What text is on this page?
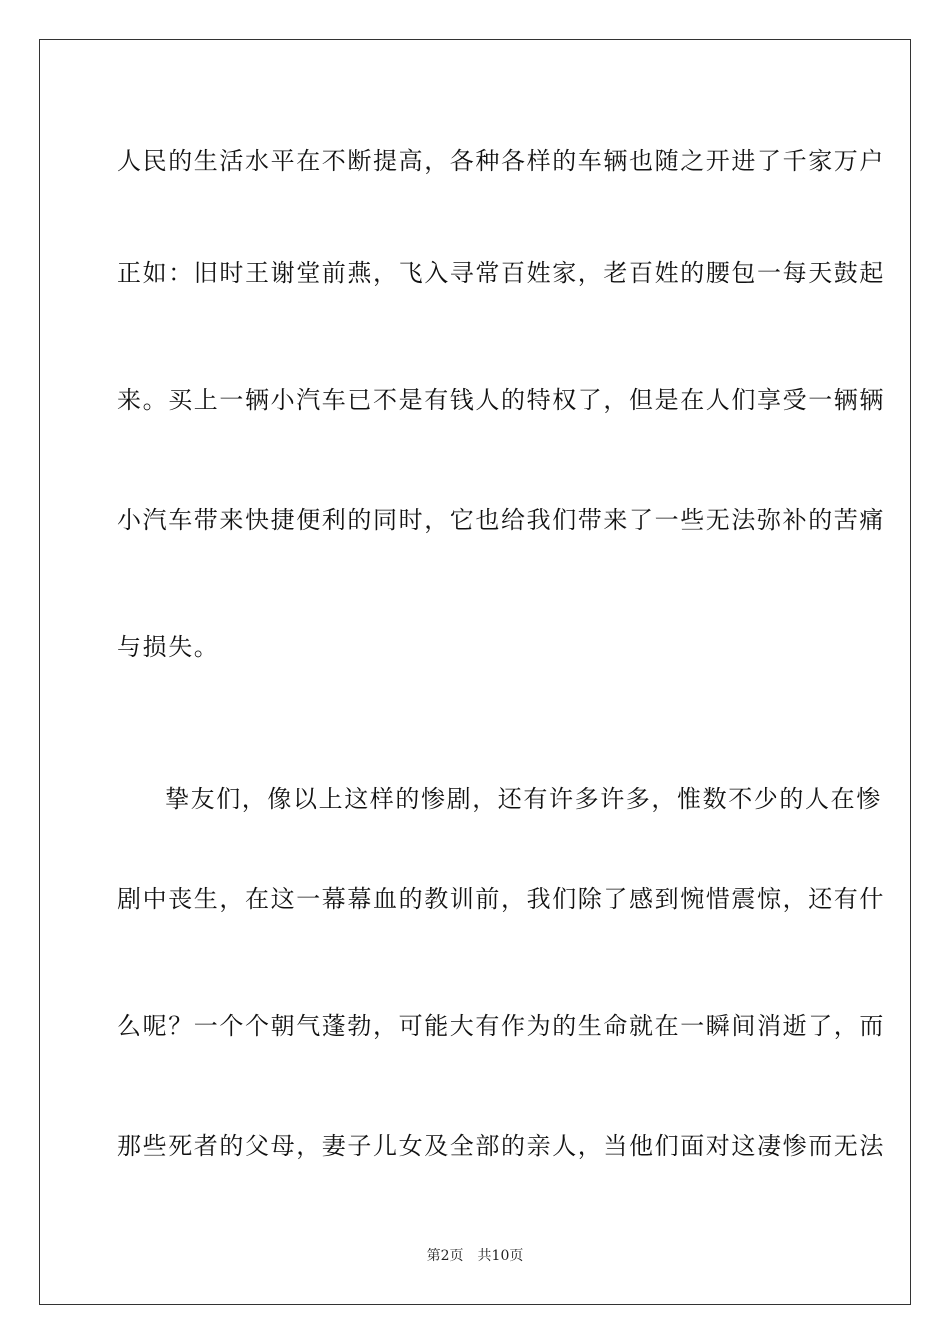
人民的生活水平在不断提高，各种各样的车辆也随之开进了千家万户
正如：旧时王谢堂前燕，飞入寻常百姓家，老百姓的腰包一每天鼓起
来。买上一辆小汽车已不是有钱人的特权了，但是在人们享受一辆辆
小汽车带来快捷便利的同时，它也给我们带来了一些无法弥补的苦痛
与损失。
挚友们，像以上这样的惨剧，还有许多许多，惟数不少的人在惨
剧中丧生，在这一幕幕血的教训前，我们除了感到惋惜震惊，还有什
么呢？一个个朝气蓬勃，可能大有作为的生命就在一瞬间消逝了，而
那些死者的父母，妻子儿女及全部的亲人，当他们面对这凄惨而无法
第2页 共10页
